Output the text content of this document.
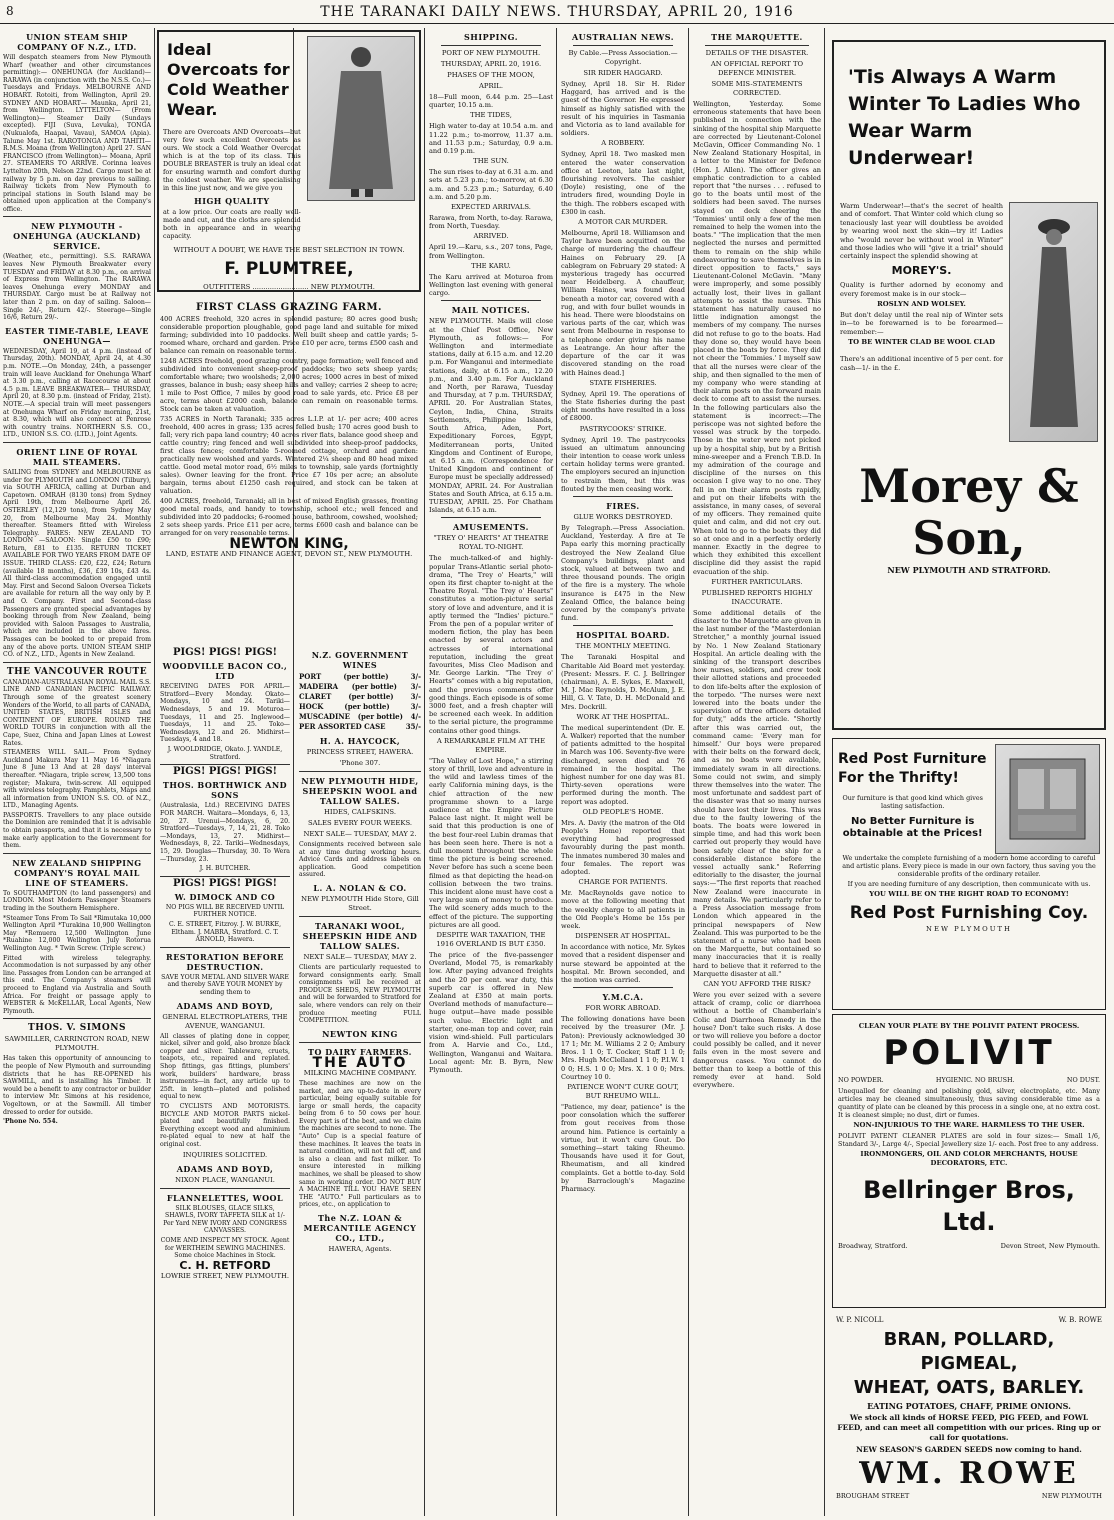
8	THE TARANAKI DAILY NEWS. THURSDAY, APRIL 20, 1916
UNION STEAM SHIP COMPANY OF N.Z., LTD.

Will despatch steamers from New Plymouth Wharf (weather and other circumstances permitting):— ONEHUNGA (for Auckland)— RARAWA (in conjunction with the N.S.S. Co.)—Tuesdays and Fridays. MELBOURNE AND HOBART. Rotoiti, from Wellington, April 29. SYDNEY AND HOBART— Maunka, April 21, from Wellington. LYTTELTON— (From Wellington)— Steamer Daily (Sundays excepted). FIJI (Suva, Levuka), TONGA (Nukualofa, Haapai, Vavau), SAMOA (Apia). Talune May 1st. RAROTONGA AND TAHITI— R.M.S. Moana (from Wellington) April 27. SAN FRANCISCO (from Wellington)— Moana, April 27. STEAMERS TO ARRIVE. Corinna leaves Lyttelton 20th, Nelson 22nd. Cargo must be at railway by 5 p.m. on day previous to sailing. Railway tickets from New Plymouth to principal stations in South Island may be obtained upon application at the Company's office.

NEW PLYMOUTH - ONEHUNGA (AUCKLAND) SERVICE.

(Weather, etc., permitting). S.S. RARAWA leaves New Plymouth Breakwater every TUESDAY and FRIDAY at 8.30 p.m., on arrival of Express from Wellington. The RARAWA leaves Onehunga every MONDAY and THURSDAY. Cargo must be at Railway not later than 2 p.m. on day of sailing. Saloon—Single 24/-, Return 42/-. Steerage—Single 16/6, Return 29/-.

EASTER TIME-TABLE, LEAVE ONEHUNGA—

WEDNESDAY, April 19, at 4 p.m. (instead of Thursday, 20th). MONDAY, April 24, at 4.30 p.m. NOTE.—On Monday, 24th, a passenger train will leave Auckland for Onehunga Wharf at 3.30 p.m., calling at Racecourse at about 4.5 p.m. LEAVE BREAKWATER— THURSDAY, April 20, at 8.30 p.m. (instead of Friday, 21st). NOTE.—A special train will meet passengers at Onehunga Wharf on Friday morning, 21st, at 8.30, which will also connect at Penrose with country trains. NORTHERN S.S. CO., LTD., UNION S.S. CO. (LTD.), Joint Agents.

ORIENT LINE OF ROYAL MAIL STEAMERS.

SAILING from SYDNEY and MELBOURNE as under for PLYMOUTH and LONDON (Tilbury), via SOUTH AFRICA, calling at Durban and Capetown. OMRAH (8130 tons) from Sydney April 19th, from Melbourne April 26. OSTERLEY (12,129 tons), from Sydney May 20, from Melbourne May 24. Monthly thereafter. Steamers fitted with Wireless Telegraphy. FARES: NEW ZEALAND TO LONDON —SALOON: Single £50 to £90; Return, £81 to £135. RETURN TICKET AVAILABLE FOR TWO YEARS FROM DATE OF ISSUE. THIRD CLASS: £20, £22, £24; Return (available 18 months), £36, £39 10s, £43 4s. All third-class accommodation engaged until May. First and Second Saloon Oversea Tickets are available for return all the way only by P. and O. Company. First and Second-class Passengers are granted special advantages by booking through from New Zealand, being provided with Saloon Passages to Australia, which are included in the above fares. Passages can be booked to or prepaid from any of the above ports. UNION STEAM SHIP CO. of N.Z., LTD., Agents in New Zealand.

THE VANCOUVER ROUTE

CANADIAN-AUSTRALASIAN ROYAL MAIL S.S. LINE AND CANADIAN PACIFIC RAILWAY. Through some of the greatest scenery Wonders of the World, to all parts of CANADA, UNITED STATES, BRITISH ISLES and CONTINENT OF EUROPE. ROUND THE WORLD TOURS in conjunction with all the Cape, Suez, China and Japan Lines at Lowest Rates.

STEAMERS WILL SAIL— From Sydney Auckland Makura May 11 May 16 *Niagara June 8 June 13 And at 28 days' interval thereafter. *Niagara, triple screw, 13,500 tons register; Makura, twin-screw. All equipped with wireless telegraphy. Pamphlets, Maps and all information from UNION S.S. CO. of N.Z., LTD., Managing Agents.

PASSPORTS. Travellers to any place outside the Dominion are reminded that it is advisable to obtain passports, and that it is necessary to make early application to the Government for them.

NEW ZEALAND SHIPPING COMPANY'S ROYAL MAIL LINE OF STEAMERS.

To SOUTHAMPTON (to land passengers) and LONDON. Most Modern Passenger Steamers trading in the Southern Hemisphere.

*Steamer Tons From To Sail *Rimutaka 10,000 Wellington April *Turakina 10,900 Wellington May *Remuera 12,500 Wellington June *Ruahine 12,000 Wellington July Rotorua Wellington Aug. * Twin Screw. (Triple screw.)

Fitted with wireless telegraphy. Accommodation is not surpassed by any other line. Passages from London can be arranged at this end. The Company's steamers will proceed to England via Australia and South Africa. For freight or passage apply to WEBSTER & McKELLAR, Local Agents, New Plymouth.

THOS. V. SIMONS
SAWMILLER, CARRINGTON ROAD, NEW PLYMOUTH.

Has taken this opportunity of announcing to the people of New Plymouth and surrounding districts that he has RE-OPENED his SAWMILL, and is installing his Timber. It would be a benefit to any contractor or builder to interview Mr. Simons at his residence, Vogeltown, or at the Sawmill. All timber dressed to order for outside.

'Phone No. 554.

Ideal Overcoats for Cold Weather Wear.

There are Overcoats AND Overcoats—but very few such excellent Overcoats as ours. We stock a Cold Weather Overcoat which is at the top of its class. This DOUBLE BREASTER is truly an ideal coat for ensuring warmth and comfort during the coldest weather. We are specialising in this line just now, and we give you

HIGH QUALITY

at a low price. Our coats are really well-made and cut, and the cloths are splendid both in appearance and in wearing capacity.

WITHOUT A DOUBT, WE HAVE THE BEST SELECTION IN TOWN.
F. PLUMTREE,
OUTFITTERS .......................... NEW PLYMOUTH.
FIRST CLASS GRAZING FARM.

400 ACRES freehold, 320 acres in splendid pasture; 80 acres good bush; considerable proportion ploughable, good page land and suitable for mixed farming; subdivided into 10 paddocks. Well built sheep and cattle yards; 5-roomed whare, orchard and garden. Price £10 per acre, terms £500 cash and balance can remain on reasonable terms.

1248 ACRES freehold, good grazing country, page formation; well fenced and subdivided into convenient sheep-proof paddocks; two sets sheep yards; comfortable whare; two woolsheds; 2,000 acres; 1000 acres in best of mixed grasses, balance in bush; easy sheep hills and valley; carries 2 sheep to acre; 1 mile to Post Office, 7 miles by good road to sale yards, etc. Price £8 per acre, terms about £2000 cash, balance can remain on reasonable terms. Stock can be taken at valuation.

735 ACRES in North Taranaki; 335 acres L.I.P. at 1/- per acre; 400 acres freehold, 400 acres in grass; 135 acres felled bush; 170 acres good bush to fall; very rich papa land country; 40 acres river flats, balance good sheep and cattle country; ring fenced and well subdivided into sheep-proof paddocks, first class fences; comfortable 5-roomed cottage, orchard and garden: practically new woolshed and yards. Wintered 2¼ sheep and 80 head mixed cattle. Good metal motor road, 6½ miles to township, sale yards (fortnightly sales). Owner leaving for the front. Price £7 10s per acre; an absolute bargain, terms about £1250 cash required, and stock can be taken at valuation.

400 ACRES, freehold, Taranaki; all in best of mixed English grasses, fronting good metal roads, and handy to township, school etc.; well fenced and subdivided into 20 paddocks; 6-roomed house, bathroom, cowshed, woolshed; 2 sets sheep yards. Price £11 per acre, terms £600 cash and balance can be arranged for on very reasonable terms.

NEWTON KING,
LAND, ESTATE AND FINANCE AGENT, DEVON ST., NEW PLYMOUTH.
PIGS! PIGS! PIGS!
WOODVILLE BACON CO., LTD

RECEIVING DATES FOR APRIL— Stratford—Every Monday. Okato—Mondays, 10 and 24. Tariki—Wednesdays, 5 and 19. Moturoa—Tuesdays, 11 and 25. Inglewood—Tuesdays, 11 and 25. Toko—Wednesdays, 12 and 26. Midhirst—Tuesdays, 4 and 18.

J. WOOLDRIDGE, Okato. J. YANDLE, Stratford.

PIGS! PIGS! PIGS!
THOS. BORTHWICK AND SONS

(Australasia, Ltd.) RECEIVING DATES FOR MARCH. Waitara—Mondays, 6, 13, 20, 27. Urenui—Mondays, 6, 20. Stratford—Tuesdays, 7, 14, 21, 28. Toko—Mondays, 13, 27. Midhirst—Wednesdays, 8, 22. Tariki—Wednesdays, 15, 29. Douglas—Thursday, 30. To Wera—Thursday, 23.

J. H. BUTCHER.

PIGS! PIGS! PIGS!
W. DIMOCK AND CO

NO PIGS WILL BE RECEIVED UNTIL FURTHER NOTICE.

C. E. STREET, Fitzroy. J. W. BURKE, Eltham. J. MABRA, Stratford. C. T. ARNOLD, Hawera.

RESTORATION BEFORE DESTRUCTION.

SAVE YOUR METAL AND SILVER WARE and thereby SAVE YOUR MONEY by sending them to

ADAMS AND BOYD,
GENERAL ELECTROPLATERS, THE AVENUE, WANGANUI.

All classes of plating done in copper, nickel, silver and gold, also bronze black copper and silver. Tableware, cruets, teapots, etc., repaired and replated. Shop fittings, gas fittings, plumbers' work, builders' hardware, brass instruments—in fact, any article up to 25ft. in length—plated and polished equal to new.

TO CYCLISTS AND MOTORISTS. BICYCLE AND MOTOR PARTS nickel-plated and beautifully finished. Everything except wood and aluminium re-plated equal to new at half the original cost.

INQUIRIES SOLICITED.
ADAMS AND BOYD,
NIXON PLACE, WANGANUI.
FLANNELETTES, WOOL

SILK BLOUSES, GLACE SILKS, SHAWLS, IVORY TAFFETA SILK at 1/- Per Yard NEW IVORY AND CONGRESS CANVASSES.

COME AND INSPECT MY STOCK. Agent for WERTHEIM SEWING MACHINES. Some choice Machines in Stock.

C. H. RETFORD
LOWRIE STREET, NEW PLYMOUTH.
N.Z. GOVERNMENT WINES
PORT	(per bottle)	3/-
MADEIRA (per bottle) 3/-
CLARET (per bottle) 3/-
HOCK	(per bottle)	3/-
MUSCADINE (per bottle) 4/-
PER ASSORTED CASE	35/-
H. A. HAYCOCK,
PRINCESS STREET, HAWERA.
'Phone 307.
NEW PLYMOUTH HIDE, SHEEPSKIN WOOL and TALLOW SALES.
HIDES, CALFSKINS.
SALES EVERY FOUR WEEKS.
NEXT SALE— TUESDAY, MAY 2.

Consignments received between sale at any time during working hours. Advice Cards and address labels on application. Good competition assured.

L. A. NOLAN & CO.
NEW PLYMOUTH Hide Store, Gill Street.
TARANAKI WOOL, SHEEPSKIN HIDE AND TALLOW SALES.
NEXT SALE— TUESDAY, MAY 2.

Clients are particularly requested to forward consignments early. Small consignments will be received at PRODUCE SHEDS, NEW PLYMOUTH and will be forwarded to Stratford for sale, where vendors can rely on their produce meeting FULL COMPETITION.

NEWTON KING
TO DAIRY FARMERS.
THE AUTO
MILKING MACHINE COMPANY.

These machines are now on the market, and are up-to-date in every particular, being equally suitable for large or small herds, the capacity being from 6 to 50 cows per hour. Every part is of the best, and we claim the machines are second to none. The "Auto" Cup is a special feature of these machines. It leaves the teats in natural condition, will not fall off, and is also a clean and fast milker. To ensure interested in milking machines, we shall be pleased to show same in working order. DO NOT BUY A MACHINE TILL YOU HAVE SEEN THE "AUTO." Full particulars as to prices, etc., on application to

The N.Z. LOAN & MERCANTILE AGENCY CO., LTD.,
HAWERA, Agents.
SHIPPING.
PORT OF NEW PLYMOUTH.
THURSDAY, APRIL 20, 1916.
PHASES OF THE MOON,
APRIL.

18—Full moon, 6.44 p.m. 25—Last quarter, 10.15 a.m.

THE TIDES,

High water to-day at 10.54 a.m. and 11.22 p.m.; to-morrow, 11.37 a.m. and 11.53 p.m.; Saturday, 0.9 a.m. and 0.19 p.m.

THE SUN.

The sun rises to-day at 6.31 a.m. and sets at 5.23 p.m.; to-morrow, at 6.30 a.m. and 5.23 p.m.; Saturday, 6.40 a.m. and 5.20 p.m.

EXPECTED ARRIVALS.

Rarawa, from North, to-day. Rarawa, from North, Tuesday.

ARRIVED.

April 19.—Karu, s.s., 207 tons, Page, from Wellington.

THE KARU.

The Karu arrived at Moturoa from Wellington last evening with general cargo.

MAIL NOTICES.

NEW PLYMOUTH. Mails will close at the Chief Post Office, New Plymouth, as follows:— For Wellington and intermediate stations, daily at 6.15 a.m. and 12.20 p.m. For Wanganui and intermediate stations, daily, at 6.15 a.m., 12.20 p.m., and 3.40 p.m. For Auckland and North, per Rarawa, Tuesday and Thursday, at 7 p.m. THURSDAY, APRIL 20. For Australian States, Ceylon, India, China, Straits Settlements, Philippine Islands, South Africa, Aden, Port, Expeditionary Forces, Egypt, Mediterranean ports, United Kingdom and Continent of Europe, at 6.15 a.m. (Correspondence for United Kingdom and continent of Europe must be specially addressed) MONDAY, APRIL 24. For Australian States and South Africa, at 6.15 a.m. TUESDAY, APRIL 25. For Chatham Islands, at 6.15 a.m.

AMUSEMENTS.
"TREY O' HEARTS" AT THEATRE ROYAL TO-NIGHT.

The much-talked-of and highly-popular Trans-Atlantic serial photo-drama, "The Trey o' Hearts," will open its first chapter to-night at the Theatre Royal. "The Trey o' Hearts" constitutes a motion-picture serial story of love and adventure, and it is aptly termed the "Indies' picture." From the pen of a popular writer of modern fiction, the play has been enacted by several actors and actresses of international reputation, including the great favourites, Miss Cleo Madison and Mr. George Larkin. "The Trey o' Hearts" comes with a big reputation, and the previous comments offer good things. Each episode is of some 3000 feet, and a fresh chapter will be screened each week. In addition to the serial picture, the programme contains other good things.

A REMARKABLE FILM AT THE EMPIRE.

"The Valley of Lost Hope," a stirring story of thrill, love and adventure in the wild and lawless times of the early California mining days, is the chief attraction of the new programme shown to a large audience at the Empire Picture Palace last night. It might well be said that this production is one of the best four-reel Lubin dramas that has been seen here. There is not a dull moment throughout the whole time the picture is being screened. Never before has such a scene been filmed as that depicting the head-on collision between the two trains. This incident alone must have cost a very large sum of money to produce. The wild scenery adds much to the effect of the picture. The supporting pictures are all good.

DESPITE WAR TAXATION, THE 1916 OVERLAND IS BUT £350.

The price of the five-passenger Overland, Model 75, is remarkably low. After paying advanced freights and the 20 per cent. war duty, this superb car is offered in New Zealand at £350 at main ports. Overland methods of manufacture—huge output—have made possible such value. Electric light and starter, one-man top and cover, rain vision wind-shield. Full particulars from A. Harvie and Co., Ltd., Wellington, Wanganui and Waitara. Local agent: Mr. B. Byrn, New Plymouth.

AUSTRALIAN NEWS.
By Cable.—Press Association.—Copyright.
SIR RIDER HAGGARD.

Sydney, April 18. Sir H. Rider Haggard, has arrived and is the guest of the Governor. He expressed himself as highly satisfied with the result of his inquiries in Tasmania and Victoria as to land available for soldiers.

A ROBBERY.

Sydney, April 18. Two masked men entered the water conservation office at Leeton, late last night, flourishing revolvers. The cashier (Doyle) resisting, one of the intruders fired, wounding Doyle in the thigh. The robbers escaped with £300 in cash.

A MOTOR CAR MURDER.

Melbourne, April 18. Williamson and Taylor have been acquitted on the charge of murdering the chauffeur Haines on February 29. [A cablegram on February 29 stated: A mysterious tragedy has occurred near Heidelberg. A chauffeur, William Haines, was found dead beneath a motor car, covered with a rug, and with four bullet wounds in his head. There were bloodstains on various parts of the car, which was sent from Melbourne in response to a telephone order giving his name as Leatrange. An hour after the departure of the car it was discovered standing on the road with Haines dead.]

STATE FISHERIES.

Sydney, April 19. The operations of the State fisheries during the past eight months have resulted in a loss of £8000.

PASTRYCOOKS' STRIKE.

Sydney, April 19. The pastrycooks issued an ultimatum announcing their intention to cease work unless certain holiday terms were granted. The employers secured an injunction to restrain them, but this was flouted by the men ceasing work.

FIRES.
GLUE WORKS DESTROYED.

By Telegraph.—Press Association. Auckland, Yesterday. A fire at Te Papa early this morning practically destroyed the New Zealand Glue Company's buildings, plant and stock, valued at between two and three thousand pounds. The origin of the fire is a mystery. The whole insurance is £475 in the New Zealand Office, the balance being covered by the company's private fund.

HOSPITAL BOARD.
THE MONTHLY MEETING.

The Taranaki Hospital and Charitable Aid Board met yesterday. (Present: Messrs. F. C. J. Bellringer (chairman), A. E. Sykes, E. Maxwell, M. J. Mac Reynolds, D. McAlum, J. E. Hill, G. V. Tate, D. H. McDonald and Mrs. Dockrill.

WORK AT THE HOSPITAL.

The medical superintendent (Dr. E. A. Walker) reported that the number of patients admitted to the hospital in March was 106. Seventy-five were discharged, seven died and 76 remained in the hospital. The highest number for one day was 81. Thirty-seven operations were performed during the month. The report was adopted.

OLD PEOPLE'S HOME.

Mrs. A. Daviy (the matron of the Old People's Home) reported that everything had progressed favourably during the past month. The inmates numbered 30 males and four females. The report was adopted.

CHARGE FOR PATIENTS.

Mr. MacReynolds gave notice to move at the following meeting that the weekly charge to all patients in the Old People's Home be 15s per week.

DISPENSER AT HOSPITAL.

In accordance with notice, Mr. Sykes moved that a resident dispenser and nurse steward be appointed at the hospital. Mr. Brown seconded, and the motion was carried.

Y.M.C.A.
FOR WORK ABROAD.

The following donations have been received by the treasurer (Mr. J. Paton): Previously acknowledged 30 17 1; Mr. M. Williams 2 2 0; Ambury Bros. 1 1 0; T. Cocker, Staff 1 1 0; Mrs. Hugh McClelland 1 1 0; P.I.W. 1 0 0; H.S. 1 0 0; Mrs. X. 1 0 0; Mrs. Courtney 10 0.

PATIENCE WON'T CURE GOUT, BUT RHEUMO WILL.

"Patience, my dear, patience" is the poor consolation which the sufferer from gout receives from those around him. Patience is certainly a virtue, but it won't cure Gout. Do something—start taking Rheumo. Thousands have used it for Gout, Rheumatism, and all kindred complaints. Get a bottle to-day. Sold by Barraclough's Magazine Pharmacy.

THE MARQUETTE.
DETAILS OF THE DISASTER.
AN OFFICIAL REPORT TO DEFENCE MINISTER.
SOME MIS-STATEMENTS CORRECTED.

Wellington, Yesterday. Some erroneous statements that have been published in connection with the sinking of the hospital ship Marquette are corrected by Lieutenant-Colonel McGavin, Officer Commanding No. 1 New Zealand Stationary Hospital, in a letter to the Minister for Defence (Hon. J. Allen). The officer gives an emphatic contradiction to a cabled report that "the nurses . . . refused to go to the boats until most of the soldiers had been saved. The nurses stayed on deck cheering the 'Tommies' until only a few of the men remained to help the women into the boats." "The implication that the men neglected the nurses and permitted them to remain on the ship while endeavouring to save themselves is in direct opposition to facts," says Lieutenant-Colonel McGavin. "Many were improperly, and some possibly actually lost, their lives in gallant attempts to assist the nurses. This statement has naturally caused no little indignation amongst the members of my company. The nurses did not refuse to go to the boats. Had they done so, they would have been placed in the boats by force. They did not cheer the 'Tommies.' I myself saw that all the nurses were clear of the ship, and then signalled to the men of my company who were standing at their alarm posts on the forward main deck to come aft to assist the nurses. In the following particulars also the statement is incorrect:—The periscope was not sighted before the vessel was struck by the torpedo. Those in the water were not picked up by a hospital ship, but by a British mine-sweeper and a French T.B.D. In my admiration of the courage and discipline of the nurses on this occasion I give way to no one. They fell in on their alarm posts rapidly, and put on their lifebelts with the assistance, in many cases, of several of my officers. They remained quite quiet and calm, and did not cry out. When told to go to the boats they did so at once and in a perfectly orderly manner. Exactly in the degree to which they exhibited this excellent discipline did they assist the rapid evacuation of the ship.

FURTHER PARTICULARS.
PUBLISHED REPORTS HIGHLY INACCURATE.

Some additional details of the disaster to the Marquette are given in the last number of the "Masterdonian Stretcher," a monthly journal issued by No. 1 New Zealand Stationary Hospital. An article dealing with the sinking of the transport describes how nurses, soldiers, and crew took their allotted stations and proceeded to don life-belts after the explosion of the torpedo. "The nurses were next lowered into the boats under the supervision of three officers detailed for duty," adds the article. "Shortly after this was carried out, the command came: 'Every man for himself.' Our boys were prepared with their belts on the forward deck, and as no boats were available, immediately swam in all directions. Some could not swim, and simply threw themselves into the water. The most unfortunate and saddest part of the disaster was that so many nurses should have lost their lives. This was due to the faulty lowering of the boats. The boats were lowered in simple time, and had this work been carried out properly they would have been safely clear of the ship for a considerable distance before the vessel actually sank." Referring editorially to the disaster, the journal says:—"The first reports that reached New Zealand were inaccurate in many details. We particularly refer to a Press Association message from London which appeared in the principal newspapers of New Zealand. This was purported to be the statement of a nurse who had been on the Marquette, but contained so many inaccuracies that it is really hard to believe that it referred to the Marquette disaster at all."

CAN YOU AFFORD THE RISK?

Were you ever seized with a severe attack of cramp, colic or diarrhoea without a bottle of Chamberlain's Colic and Diarrhoea Remedy in the house? Don't take such risks. A dose or two will relieve you before a doctor could possibly be called, and it never fails even in the most severe and dangerous cases. You cannot do better than to keep a bottle of this remedy ever at hand. Sold everywhere.

'Tis Always A Warm Winter To Ladies Who Wear Warm Underwear!

Warm Underwear!—that's the secret of health and of comfort. That Winter cold which clung so tenaciously last year will doubtless be avoided by wearing wool next the skin—try it! Ladies who "would never be without wool in Winter" and those ladies who will "give it a trial" should certainly inspect the splendid showing at

MOREY'S.

Quality is further adorned by economy and every foremost make is in our stock—

ROSLYN AND WOLSEY.

But don't delay until the real nip of Winter sets in—to be forewarned is to be forearmed—remember:—

TO BE WINTER CLAD BE WOOL CLAD

There's an additional incentive of 5 per cent. for cash—1/- in the £.

Morey & Son,
NEW PLYMOUTH AND STRATFORD.
Red Post Furniture For the Thrifty!

Our furniture is that good kind which gives lasting satisfaction.

No Better Furniture is obtainable at the Prices!

We undertake the complete furnishing of a modern home according to careful and artistic plans. Every piece is made in our own factory, thus saving you the considerable profits of the ordinary retailer.

If you are needing furniture of any description, then communicate with us.

YOU WILL BE ON THE RIGHT ROAD TO ECONOMY!
Red Post Furnishing Coy.
NEW PLYMOUTH
CLEAN YOUR PLATE BY THE POLIVIT PATENT PROCESS.
POLIVIT
NO POWDER.	HYGIENIC. NO BRUSH.	NO DUST.

Unequalled for cleaning and polishing gold, silver, electroplate, etc. Many articles may be cleaned simultaneously, thus saving considerable time as a quantity of plate can be cleaned by this process in a single one, at no extra cost. It is cleanest simple; no dust, dirt or fumes.

NON-INJURIOUS TO THE WARE. HARMLESS TO THE USER.

POLIVIT PATENT CLEANER PLATES are sold in four sizes:— Small 1/6, Standard 3/-, Large 4/-, Special Jewellery size 1/- each. Post free to any address.

IRONMONGERS, OIL AND COLOR MERCHANTS, HOUSE DECORATORS, ETC.
Bellringer Bros, Ltd.
Broadway, Stratford.	Devon Street, New Plymouth.
W. P. NICOLL	W. B. ROWE
BRAN, POLLARD, PIGMEAL,
WHEAT, OATS, BARLEY.
EATING POTATOES, CHAFF, PRIME ONIONS.

We stock all kinds of HORSE FEED, PIG FEED, and FOWL FEED, and can meet all competition with our prices. Ring up or call for quotations.

NEW SEASON'S GARDEN SEEDS now coming to hand.
WM. ROWE
BROUGHAM STREET	NEW PLYMOUTH
